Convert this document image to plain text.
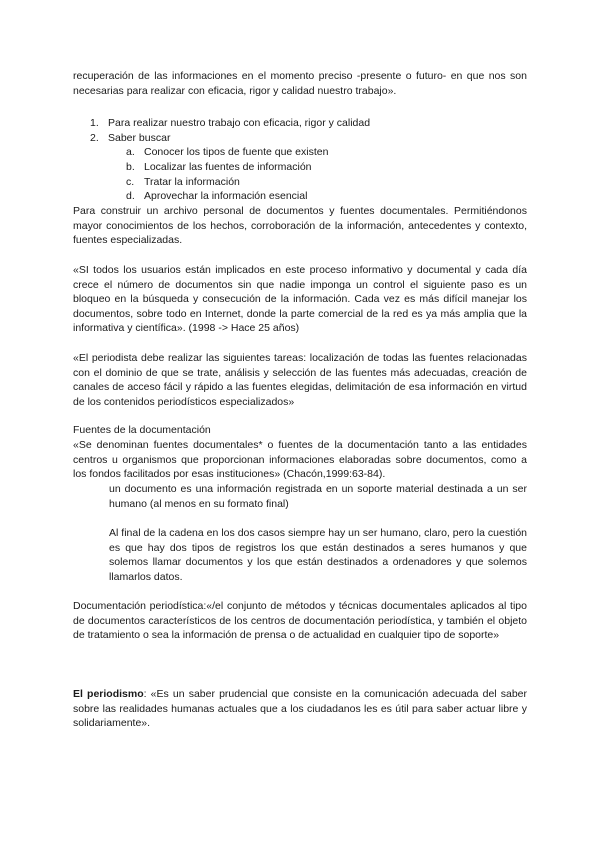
recuperación de las informaciones en el momento preciso -presente o futuro- en que nos son necesarias para realizar con eficacia, rigor y calidad nuestro trabajo».

1. Para realizar nuestro trabajo con eficacia, rigor y calidad

2. Saber buscar

a. Conocer los tipos de fuente que existen

b. Localizar las fuentes de información

c. Tratar la información

d. Aprovechar la información esencial

Para construir un archivo personal de documentos y fuentes documentales. Permitiéndonos mayor conocimientos de los hechos, corroboración de la información, antecedentes y contexto, fuentes especializadas.

«SI todos los usuarios están implicados en este proceso informativo y documental y cada día crece el número de documentos sin que nadie imponga un control el siguiente paso es un bloqueo en la búsqueda y consecución de la información. Cada vez es más difícil manejar los documentos, sobre todo en Internet, donde la parte comercial de la red es ya más amplia que la informativa y científica». (1998 -> Hace 25 años)

«El periodista debe realizar las siguientes tareas: localización de todas las fuentes relacionadas con el dominio de que se trate, análisis y selección de las fuentes más adecuadas, creación de canales de acceso fácil y rápido a las fuentes elegidas, delimitación de esa información en virtud de los contenidos periodísticos especializados»

Fuentes de la documentación

«Se denominan fuentes documentales* o fuentes de la documentación tanto a las entidades centros u organismos que proporcionan informaciones elaboradas sobre documentos, como a los fondos facilitados por esas instituciones» (Chacón,1999:63-84).

un documento es una información registrada en un soporte material destinada a un ser humano (al menos en su formato final)

Al final de la cadena en los dos casos siempre hay un ser humano, claro, pero la cuestión es que hay dos tipos de registros los que están destinados a seres humanos y que solemos llamar documentos y los que están destinados a ordenadores y que solemos llamarlos datos.

Documentación periodística:«/el conjunto de métodos y técnicas documentales aplicados al tipo de documentos característicos de los centros de documentación periodística, y también el objeto de tratamiento o sea la información de prensa o de actualidad en cualquier tipo de soporte»

El periodismo: «Es un saber prudencial que consiste en la comunicación adecuada del saber sobre las realidades humanas actuales que a los ciudadanos les es útil para saber actuar libre y solidariamente».
